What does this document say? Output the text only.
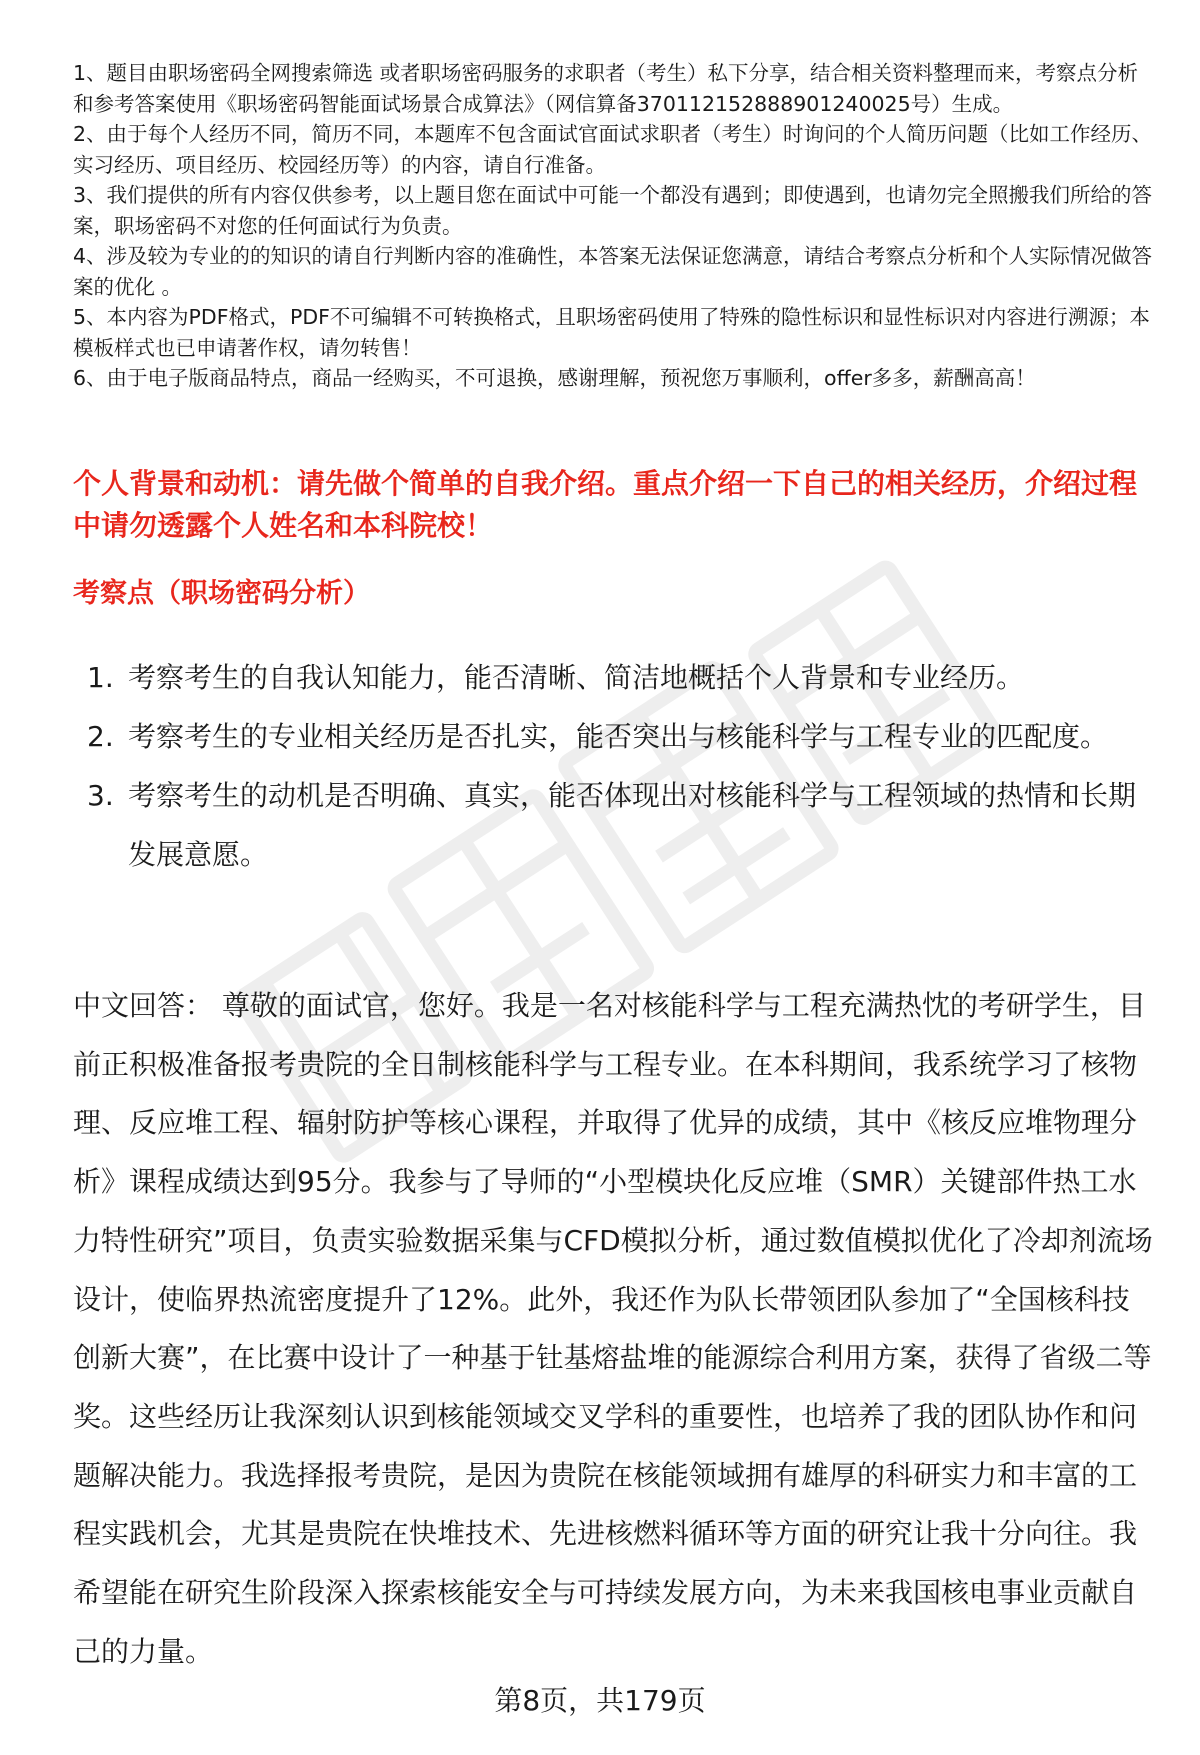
1、题目由职场密码全网搜索筛选 或者职场密码服务的求职者（考生）私下分享，结合相关资料整理而来，考察点分析和参考答案使用《职场密码智能面试场景合成算法》（网信算备370112152888901240025号）生成。

2、由于每个人经历不同，简历不同，本题库不包含面试官面试求职者（考生）时询问的个人简历问题（比如工作经历、实习经历、项目经历、校园经历等）的内容，请自行准备。

3、我们提供的所有内容仅供参考，以上题目您在面试中可能一个都没有遇到；即使遇到，也请勿完全照搬我们所给的答案，职场密码不对您的任何面试行为负责。

4、涉及较为专业的的知识的请自行判断内容的准确性，本答案无法保证您满意，请结合考察点分析和个人实际情况做答案的优化 。

5、本内容为PDF格式，PDF不可编辑不可转换格式，且职场密码使用了特殊的隐性标识和显性标识对内容进行溯源；本模板样式也已申请著作权，请勿转售！

6、由于电子版商品特点，商品一经购买，不可退换，感谢理解，预祝您万事顺利，offer多多，薪酬高高！

个人背景和动机：请先做个简单的自我介绍。重点介绍一下自己的相关经历，介绍过程中请勿透露个人姓名和本科院校！
考察点（职场密码分析）
1. 考察考生的自我认知能力，能否清晰、简洁地概括个人背景和专业经历。
2. 考察考生的专业相关经历是否扎实，能否突出与核能科学与工程专业的匹配度。
3. 考察考生的动机是否明确、真实，能否体现出对核能科学与工程领域的热情和长期发展意愿。

中文回答： 尊敬的面试官，您好。我是一名对核能科学与工程充满热忱的考研学生，目前正积极准备报考贵院的全日制核能科学与工程专业。在本科期间，我系统学习了核物理、反应堆工程、辐射防护等核心课程，并取得了优异的成绩，其中《核反应堆物理分析》课程成绩达到95分。我参与了导师的“小型模块化反应堆（SMR）关键部件热工水力特性研究”项目，负责实验数据采集与CFD模拟分析，通过数值模拟优化了冷却剂流场设计，使临界热流密度提升了12%。此外，我还作为队长带领团队参加了“全国核科技创新大赛”，在比赛中设计了一种基于钍基熔盐堆的能源综合利用方案，获得了省级二等奖。这些经历让我深刻认识到核能领域交叉学科的重要性，也培养了我的团队协作和问题解决能力。我选择报考贵院，是因为贵院在核能领域拥有雄厚的科研实力和丰富的工程实践机会，尤其是贵院在快堆技术、先进核燃料循环等方面的研究让我十分向往。我希望能在研究生阶段深入探索核能安全与可持续发展方向，为未来我国核电事业贡献自己的力量。

第8页，共179页
